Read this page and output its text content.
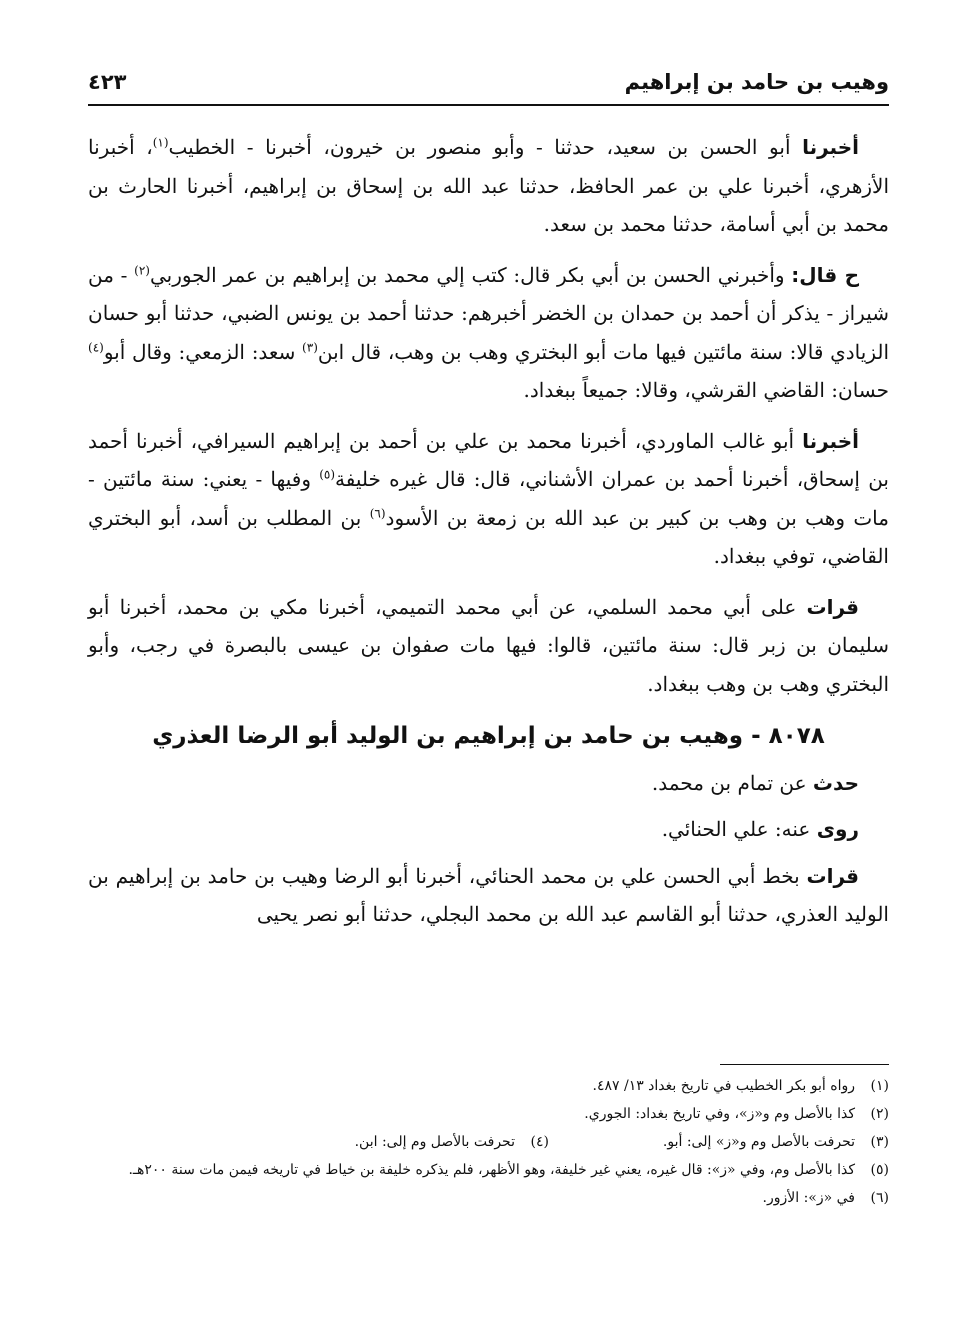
وهيب بن حامد بن إبراهيم
٤٢٣

أخبرنا أبو الحسن بن سعيد، حدثنا - وأبو منصور بن خيرون، أخبرنا - الخطيب$^{(١)}$، أخبرنا الأزهري، أخبرنا علي بن عمر الحافظ، حدثنا عبد الله بن إسحاق بن إبراهيم، أخبرنا الحارث بن محمد بن أبي أسامة، حدثنا محمد بن سعد.

ح قال: وأخبرني الحسن بن أبي بكر قال: كتب إلي محمد بن إبراهيم بن عمر الجوربي$^{(٢)}$ - من شيراز - يذكر أن أحمد بن حمدان بن الخضر أخبرهم: حدثنا أحمد بن يونس الضبي، حدثنا أبو حسان الزيادي قالا: سنة مائتين فيها مات أبو البختري وهب بن وهب، قال ابن$^{(٣)}$ سعد: الزمعي: وقال أبو$^{(٤)}$ حسان: القاضي القرشي، وقالا: جميعاً ببغداد.

أخبرنا أبو غالب الماوردي، أخبرنا محمد بن علي بن أحمد بن إبراهيم السيرافي، أخبرنا أحمد بن إسحاق، أخبرنا أحمد بن عمران الأشناني، قال: قال غيره خليفة$^{(٥)}$ وفيها - يعني: سنة مائتين - مات وهب بن وهب بن كبير بن عبد الله بن زمعة بن الأسود$^{(٦)}$ بن المطلب بن أسد، أبو البختري القاضي، توفي ببغداد.

قرات على أبي محمد السلمي، عن أبي محمد التميمي، أخبرنا مكي بن محمد، أخبرنا أبو سليمان بن زبر قال: سنة مائتين، قالوا: فيها مات صفوان بن عيسى بالبصرة في رجب، وأبو البختري وهب بن وهب ببغداد.

٨٠٧٨- وهيب بن حامد بن إبراهيم بن الوليد أبو الرضا العذري

حدث عن تمام بن محمد.

روى عنه: علي الحنائي.

قرات بخط أبي الحسن علي بن محمد الحنائي، أخبرنا أبو الرضا وهيب بن حامد بن إبراهيم بن الوليد العذري، حدثنا أبو القاسم عبد الله بن محمد البجلي، حدثنا أبو نصر يحيى

(١)
رواه أبو بكر الخطيب في تاريخ بغداد ١٣/ ٤٨٧.
(٢)
كذا بالأصل وم و«ز»، وفي تاريخ بغداد: الجوري.
(٣)
تحرفت بالأصل وم و«ز» إلى: أبو.
(٤)
تحرفت بالأصل وم إلى: ابن.
(٥)
كذا بالأصل وم، وفي «ز»: قال غيره، يعني غير خليفة، وهو الأظهر، فلم يذكره خليفة بن خياط في تاريخه فيمن مات سنة ٢٠٠هـ.
(٦)
في «ز»: الأزور.
